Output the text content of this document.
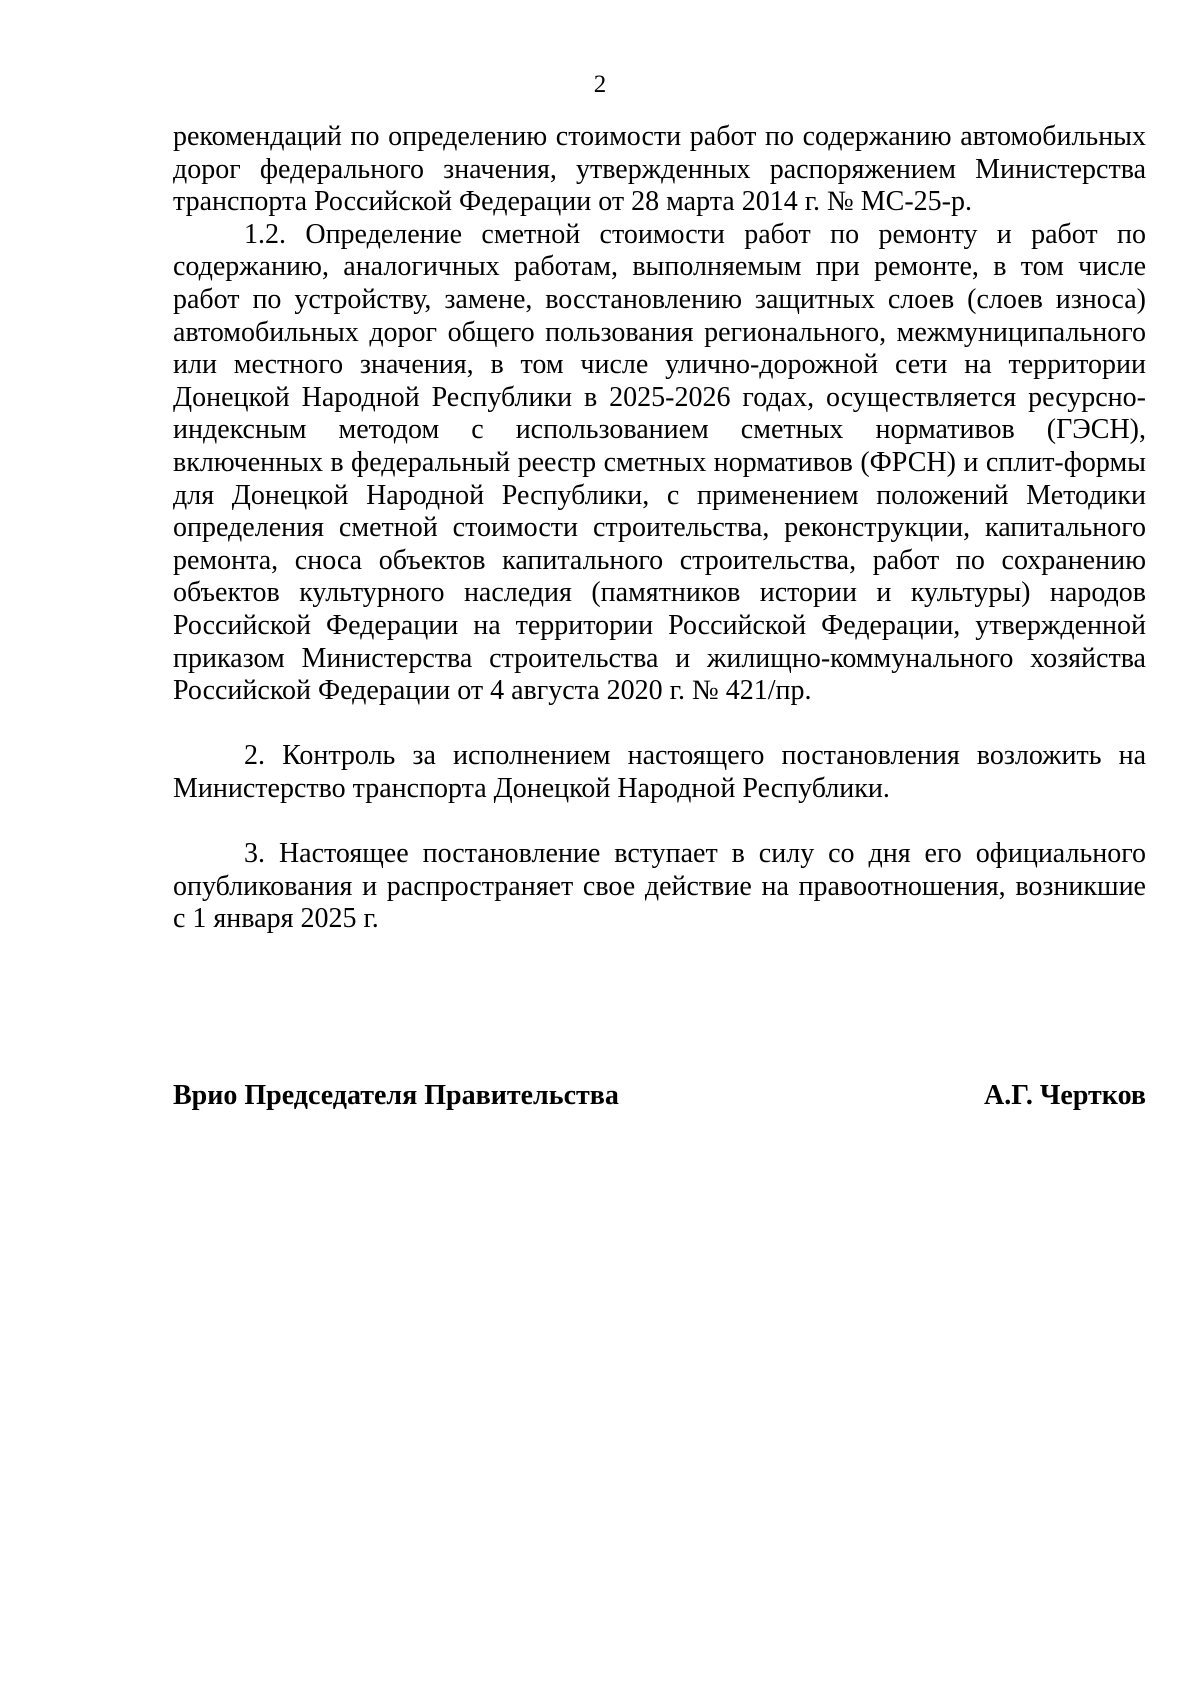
2

рекомендаций по определению стоимости работ по содержанию автомобильных дорог федерального значения, утвержденных распоряжением Министерства транспорта Российской Федерации от 28 марта 2014 г. № МС-25-р.

1.2. Определение сметной стоимости работ по ремонту и работ по содержанию, аналогичных работам, выполняемым при ремонте, в том числе работ по устройству, замене, восстановлению защитных слоев (слоев износа) автомобильных дорог общего пользования регионального, межмуниципального или местного значения, в том числе улично-дорожной сети на территории Донецкой Народной Республики в 2025-2026 годах, осуществляется ресурсно-индексным методом с использованием сметных нормативов (ГЭСН), включенных в федеральный реестр сметных нормативов (ФРСН) и сплит-формы для Донецкой Народной Республики, с применением положений Методики определения сметной стоимости строительства, реконструкции, капитального ремонта, сноса объектов капитального строительства, работ по сохранению объектов культурного наследия (памятников истории и культуры) народов Российской Федерации на территории Российской Федерации, утвержденной приказом Министерства строительства и жилищно-коммунального хозяйства Российской Федерации от 4 августа 2020 г. № 421/пр.

2. Контроль за исполнением настоящего постановления возложить на Министерство транспорта Донецкой Народной Республики.

3. Настоящее постановление вступает в силу со дня его официального опубликования и распространяет свое действие на правоотношения, возникшие с 1 января 2025 г.

Врио Председателя Правительства	А.Г. Чертков
